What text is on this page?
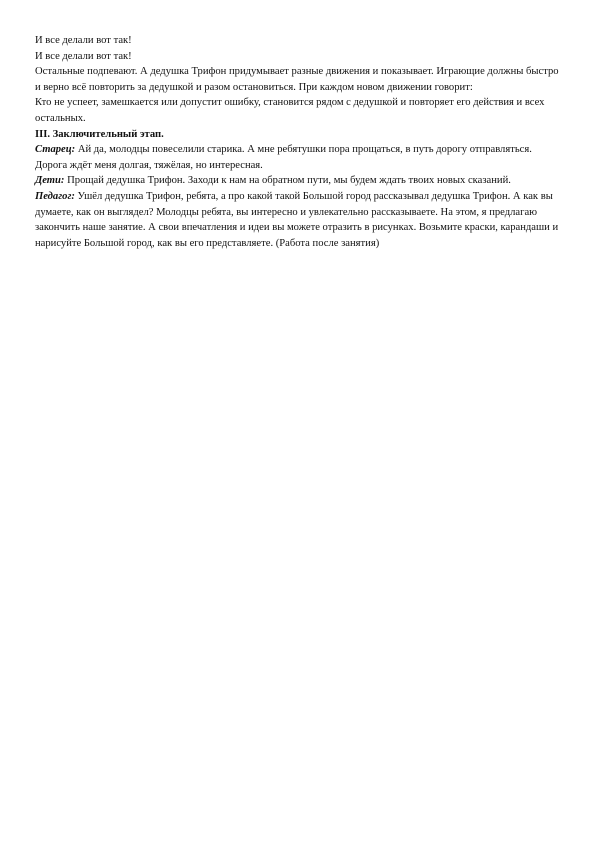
И все делали вот так!

И все делали вот так!

Остальные подпевают. А дедушка Трифон придумывает разные движения и показывает. Играющие должны быстро и верно всё повторить за дедушкой и разом остановиться. При каждом новом движении говорит:

Кто не успеет, замешкается или допустит ошибку, становится рядом с дедушкой и повторяет его действия и всех остальных.

III. Заключительный этап.

Старец: Ай да, молодцы повеселили старика. А мне ребятушки пора прощаться, в путь дорогу отправляться. Дорога ждёт меня долгая, тяжёлая, но интересная.

Дети: Прощай дедушка Трифон. Заходи к нам на обратном пути, мы будем ждать твоих новых сказаний.

Педагог: Ушёл дедушка Трифон, ребята, а про какой такой Большой город рассказывал дедушка Трифон. А как вы думаете, как он выглядел? Молодцы ребята, вы интересно и увлекательно рассказываете. На этом, я предлагаю закончить наше занятие. А свои впечатления и идеи вы можете отразить в рисунках. Возьмите краски, карандаши и нарисуйте Большой город, как вы его представляете. (Работа после занятия)
